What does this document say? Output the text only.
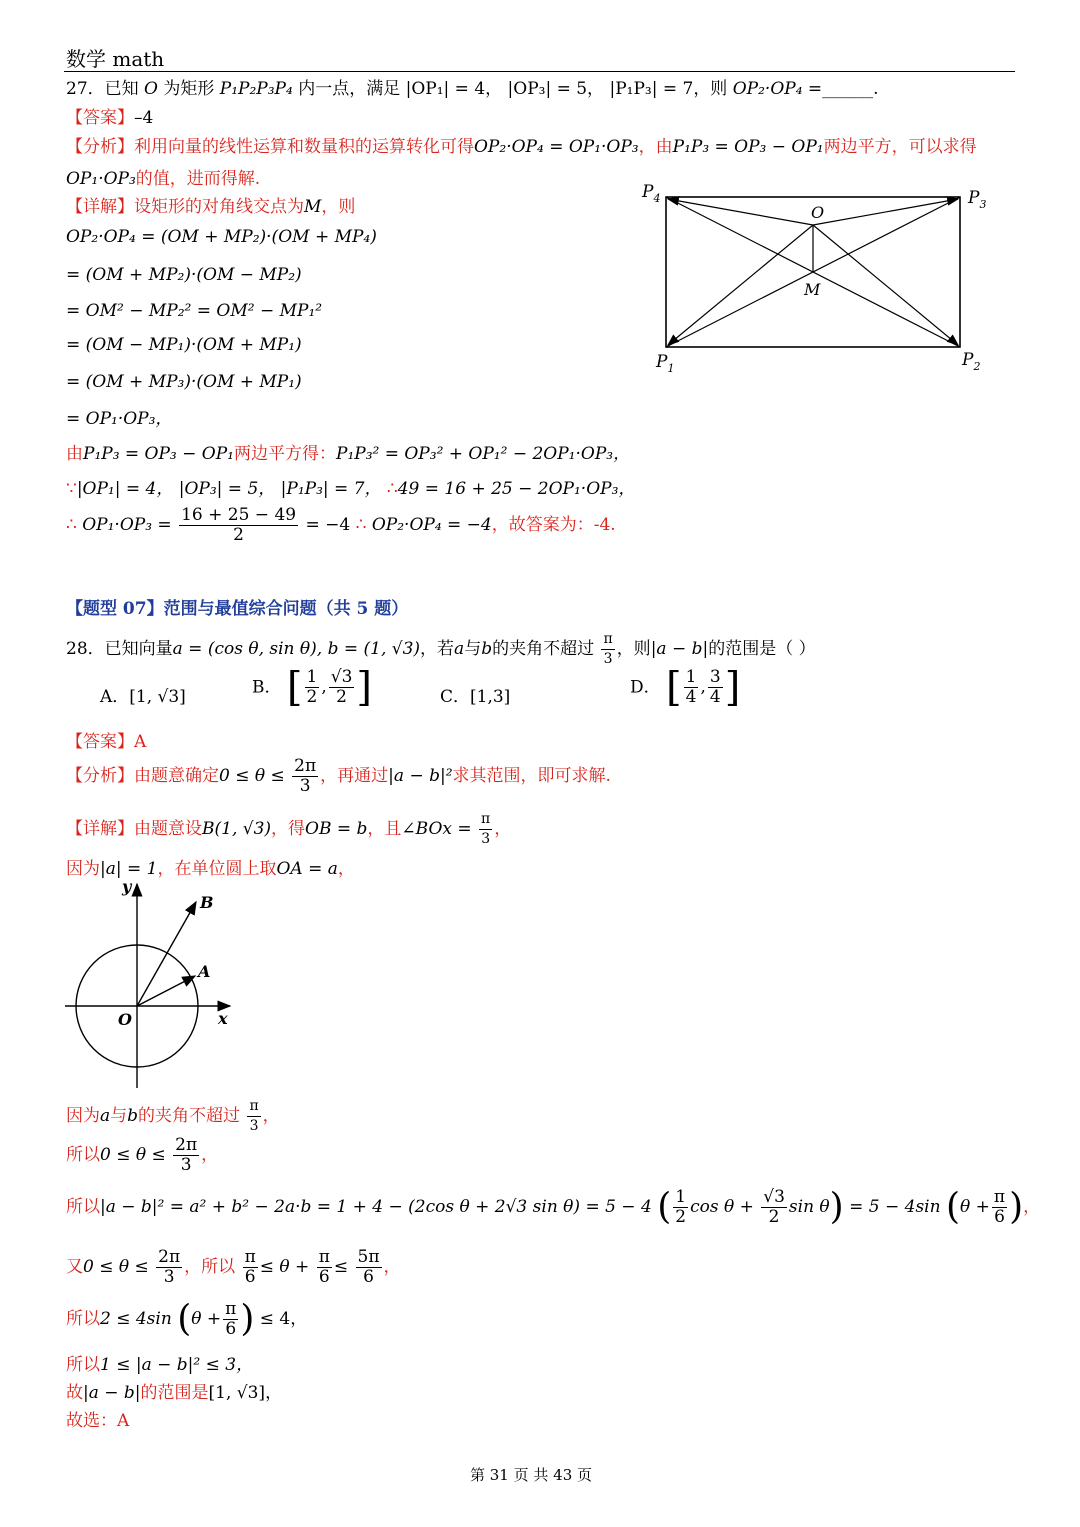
数学 math
27．已知 O 为矩形 P₁P₂P₃P₄ 内一点，满足 |OP₁| = 4， |OP₃| = 5， |P₁P₃| = 7，则 OP₂·OP₄ =______.
【答案】–4
【分析】利用向量的线性运算和数量积的运算转化可得OP₂·OP₄ = OP₁·OP₃，由P₁P₃ = OP₃ − OP₁两边平方，可以求得
OP₁·OP₃的值，进而得解.
【详解】设矩形的对角线交点为M，则
OP₂·OP₄ = (OM + MP₂)·(OM + MP₄)
= (OM + MP₂)·(OM − MP₂)
= OM² − MP₂² = OM² − MP₁²
= (OM − MP₁)·(OM + MP₁)
= (OM + MP₃)·(OM + MP₁)
= OP₁·OP₃，
由P₁P₃ = OP₃ − OP₁两边平方得：P₁P₃² = OP₃² + OP₁² − 2OP₁·OP₃，
∵|OP₁| = 4， |OP₃| = 5， |P₁P₃| = 7， ∴49 = 16 + 25 − 2OP₁·OP₃，
∴ $OP_1\cdot OP_3 = \frac{16 + 25 - 49}{2} = -4$ ∴ OP₂·OP₄ = −4，故答案为：-4.
$P_4$	$P_3$
$P_1$	$P_2$
O
M
【题型 07】范围与最值综合问题（共 5 题）
28．已知向量a = (cos θ, sin θ), b = (1, √3)，若a与b的夹角不超过 $\frac{\pi}{3}$ ，则|a − b|的范围是（ ）
A．[1, √3]	B． [ $\frac{1}{2}$ , $\frac{√3}{2}$ ]	C．[1,3]	D． [ $\frac{1}{4}$ , $\frac{3}{4}$ ]
【答案】A
【分析】由题意确定$0 \le \theta \le \frac{2\pi}{3}$ ，再通过|a − b|²求其范围，即可求解.
【详解】由题意设B(1, √3)，得OB = b，且∠BOx = $\frac{\pi}{3}$ ，
因为|a| = 1，在单位圆上取OA = a，
y
x
O
A
B
因为a与b的夹角不超过 $\frac{\pi}{3}$ ，
所以$0 \le \theta \le \frac{2\pi}{3}$ ，
所以|a − b|² = a² + b² − 2a·b = 1 + 4 − (2cos θ + 2√3 sin θ) = 5 − 4 ( $\frac{1}{2}$ $\cos \theta + \frac{√3}{2}$ sin θ) = 5 − 4sin ($\theta + \frac{\pi}{6}$ )，
又$0 \le \theta \le \frac{2\pi}{3}$ ，所以 $\frac{\pi}{6} \le \theta + \frac{\pi}{6} \le \frac{5\pi}{6}$ ，
所以2 ≤ 4sin ($\theta + \frac{\pi}{6}$ ) ≤ 4，
所以1 ≤ |a − b|² ≤ 3，
故|a − b|的范围是[1, √3]，
故选：A
第 31 页 共 43 页
